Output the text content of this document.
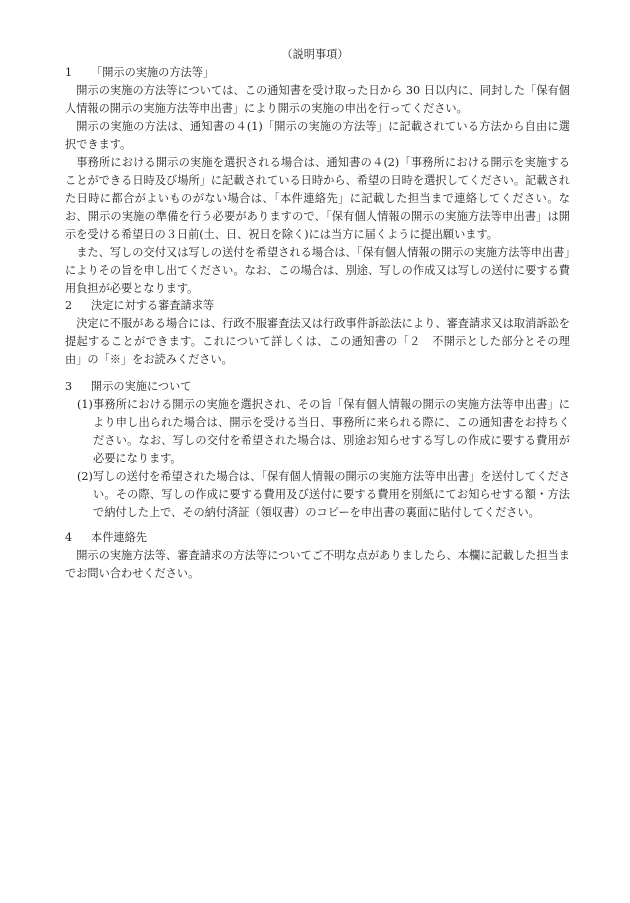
（説明事項）
1 「開示の実施の方法等」
開示の実施の方法等については、この通知書を受け取った日から 30 日以内に、同封した「保有個人情報の開示の実施方法等申出書」により開示の実施の申出を行ってください。
開示の実施の方法は、通知書の４(1)「開示の実施の方法等」に記載されている方法から自由に選択できます。
事務所における開示の実施を選択される場合は、通知書の４(2)「事務所における開示を実施することができる日時及び場所」に記載されている日時から、希望の日時を選択してください。記載された日時に都合がよいものがない場合は、「本件連絡先」に記載した担当まで連絡してください。なお、開示の実施の準備を行う必要がありますので、「保有個人情報の開示の実施方法等申出書」は開示を受ける希望日の３日前(土、日、祝日を除く)には当方に届くように提出願います。
また、写しの交付又は写しの送付を希望される場合は、「保有個人情報の開示の実施方法等申出書」によりその旨を申し出てください。なお、この場合は、別途、写しの作成又は写しの送付に要する費用負担が必要となります。
2 決定に対する審査請求等
決定に不服がある場合には、行政不服審査法又は行政事件訴訟法により、審査請求又は取消訴訟を提起することができます。これについて詳しくは、この通知書の「２　不開示とした部分とその理由」の「※」をお読みください。
3 開示の実施について
(1) 事務所における開示の実施を選択され、その旨「保有個人情報の開示の実施方法等申出書」により申し出られた場合は、開示を受ける当日、事務所に来られる際に、この通知書をお持ちください。なお、写しの交付を希望された場合は、別途お知らせする写しの作成に要する費用が必要になります。
(2) 写しの送付を希望された場合は、「保有個人情報の開示の実施方法等申出書」を送付してください。その際、写しの作成に要する費用及び送付に要する費用を別紙にてお知らせする額・方法で納付した上で、その納付済証（領収書）のコピーを申出書の裏面に貼付してください。
4 本件連絡先
開示の実施方法等、審査請求の方法等についてご不明な点がありましたら、本欄に記載した担当までお問い合わせください。
